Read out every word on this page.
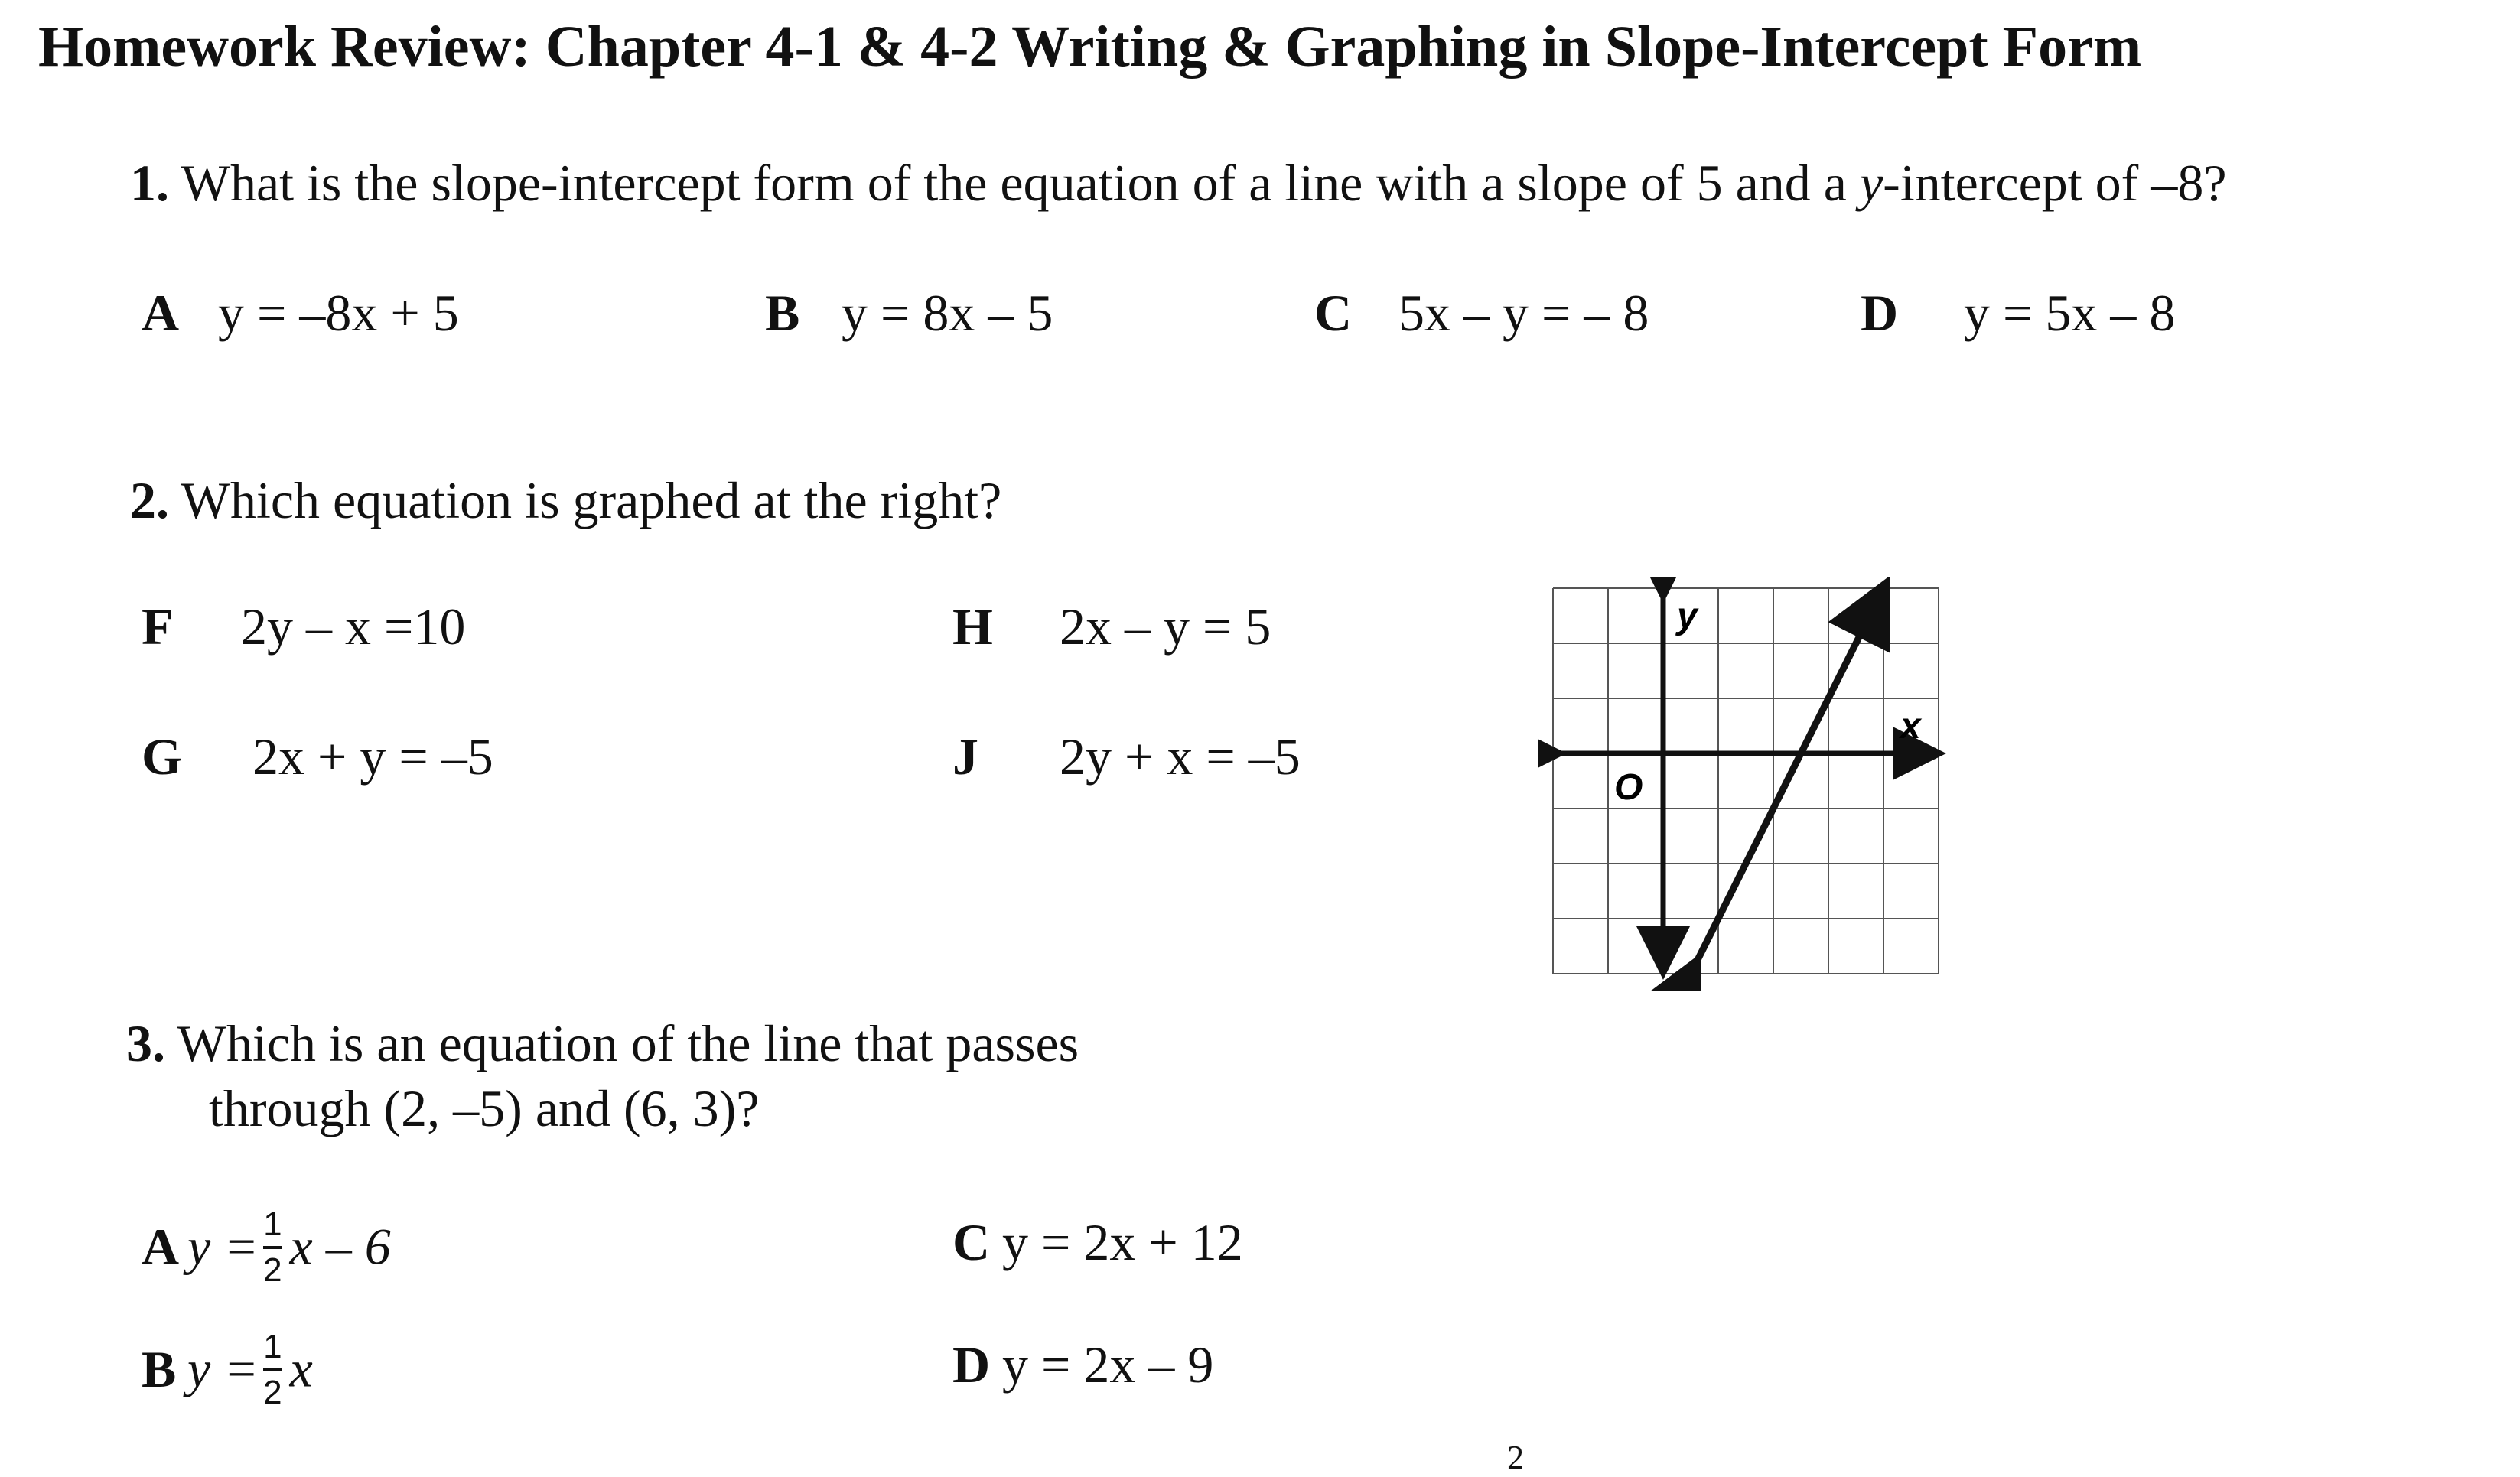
Homework Review: Chapter 4-1 & 4-2 Writing & Graphing in Slope-Intercept Form
1. What is the slope-intercept form of the equation of a line with a slope of 5 and a y-intercept of –8?
A y = –8x + 5	B y = 8x – 5	C 5x – y = – 8	D y = 5x – 8
2. Which equation is graphed at the right?
F 2y – x =10	H 2x – y = 5
G 2x + y = –5	J 2y + x = –5
y
x
O
3. Which is an equation of the line that passes
through (2, –5) and (6, 3)?
A $y = \frac{1}{2}$ x – 6
B $y = \frac{1}{2}$ x
C y = 2x + 12
D y = 2x – 9
2
